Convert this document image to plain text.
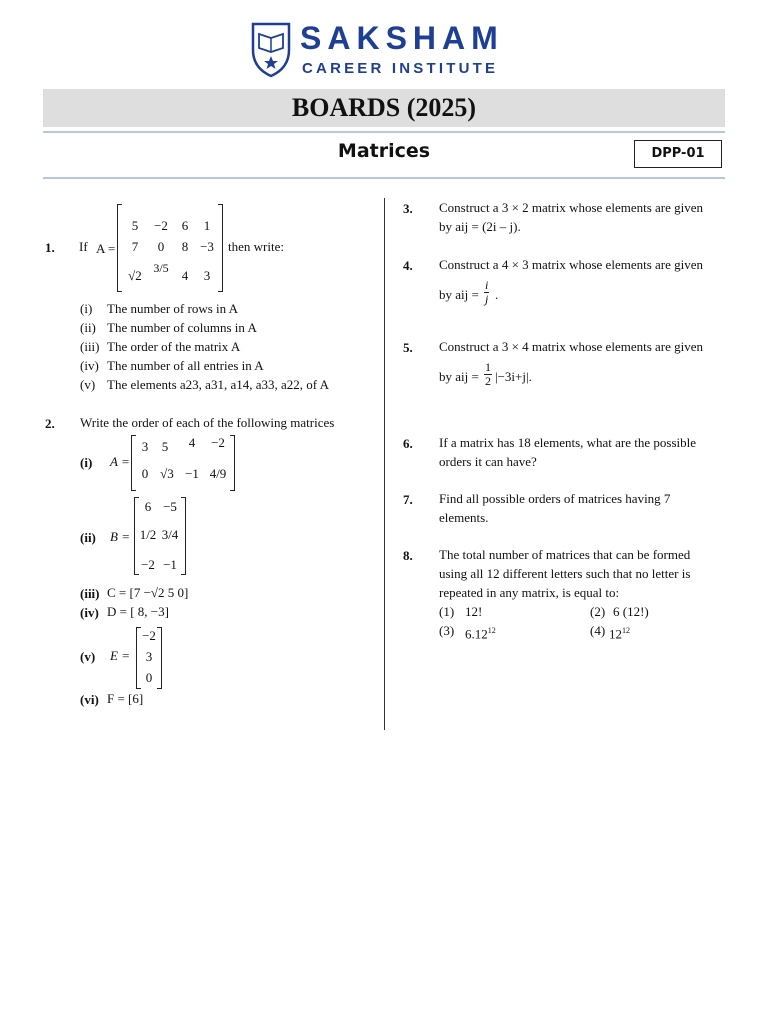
SAKSHAM
CAREER INSTITUTE
BOARDS (2025)
Matrices	DPP-01
1. If A =
5	−2	6	1
7	0	8 −3
√2 3/5	4	3
then write:
(i) The number of rows in A
(ii) The number of columns in A
(iii) The order of the matrix A
(iv) The number of all entries in A
(v) The elements a23, a31, a14, a33, a22, of A
2. Write the order of each of the following matrices
(i) A =
3	5	4	−2
0 √3 −1 4/9
(ii) B =
6 −5
1/2 3/4
−2 −1
(iii) C = [7 −√2 5 0]
(iv) D = [ 8, −3]
(v) E =
−2
3
0
(vi) F = [6]
3. Construct a 3 × 2 matrix whose elements are given
by aij = (2i – j).
4. Construct a 4 × 3 matrix whose elements are given
by aij = $\frac{i}{j}$ .
5. Construct a 3 × 4 matrix whose elements are given
by aij = $\frac{1}{2} |-3i+j|$.
6. If a matrix has 18 elements, what are the possible
orders it can have?
7. Find all possible orders of matrices having 7
elements.
8. The total number of matrices that can be formed
using all 12 different letters such that no letter is
repeated in any matrix, is equal to:
(1) 12!	(2) 6 (12!)
(3) 6.12$^{12}$	(4) $12^{12}$
